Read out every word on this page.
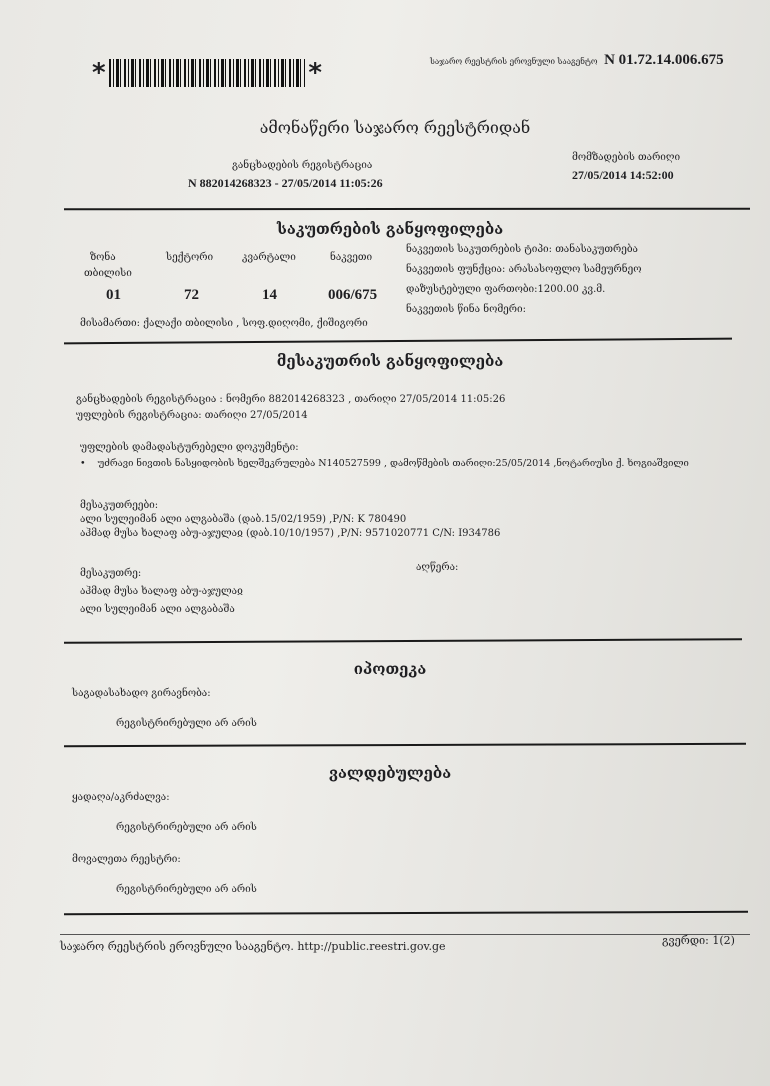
*	*	საჯარო რეესტრის ეროვნული სააგენტო N 01.72.14.006.675
ამონაწერი საჯარო რეესტრიდან
განცხადების რეგისტრაცია
N 882014268323 - 27/05/2014 11:05:26
მომზადების თარიღი
27/05/2014 14:52:00
საკუთრების განყოფილება
ზონა
თბილისი
სექტორი	კვარტალი	ნაკვეთი
01	72	14	006/675
ნაკვეთის საკუთრების ტიპი: თანასაკუთრება
ნაკვეთის ფუნქცია: არასასოფლო სამეურნეო
დაზუსტებული ფართობი:1200.00 კვ.მ.
ნაკვეთის წინა ნომერი:
მისამართი: ქალაქი თბილისი , სოფ.დიღომი, ქიშიგორი
მესაკუთრის განყოფილება
განცხადების რეგისტრაცია : ნომერი 882014268323 , თარიღი 27/05/2014 11:05:26
უფლების რეგისტრაცია: თარიღი 27/05/2014
უფლების დამადასტურებელი დოკუმენტი:
• უძრავი ნივთის ნასყიდობის ხელშეკრულება N140527599 , დამოწმების თარიღი:25/05/2014 ,ნოტარიუსი ქ. ხოგიაშვილი
მესაკუთრეები:
ალი სულეიმან ალი ალგაბაშა (დაბ.15/02/1959) ,P/N: K 780490
აჰმად მუსა ხალაფ აბუ-აჯულაჲ (დაბ.10/10/1957) ,P/N: 9571020771 C/N: I934786
მესაკუთრე:
აღწერა:
აჰმად მუსა ხალაფ აბუ-აჯულაჲ
ალი სულეიმან ალი ალგაბაშა
იპოთეკა
საგადასახადო გირავნობა:
რეგისტრირებული არ არის
ვალდებულება
ყადაღა/აკრძალვა:
რეგისტრირებული არ არის
მოვალეთა რეესტრი:
რეგისტრირებული არ არის
საჯარო რეესტრის ეროვნული სააგენტო. http://public.reestri.gov.ge	გვერდი: 1(2)
